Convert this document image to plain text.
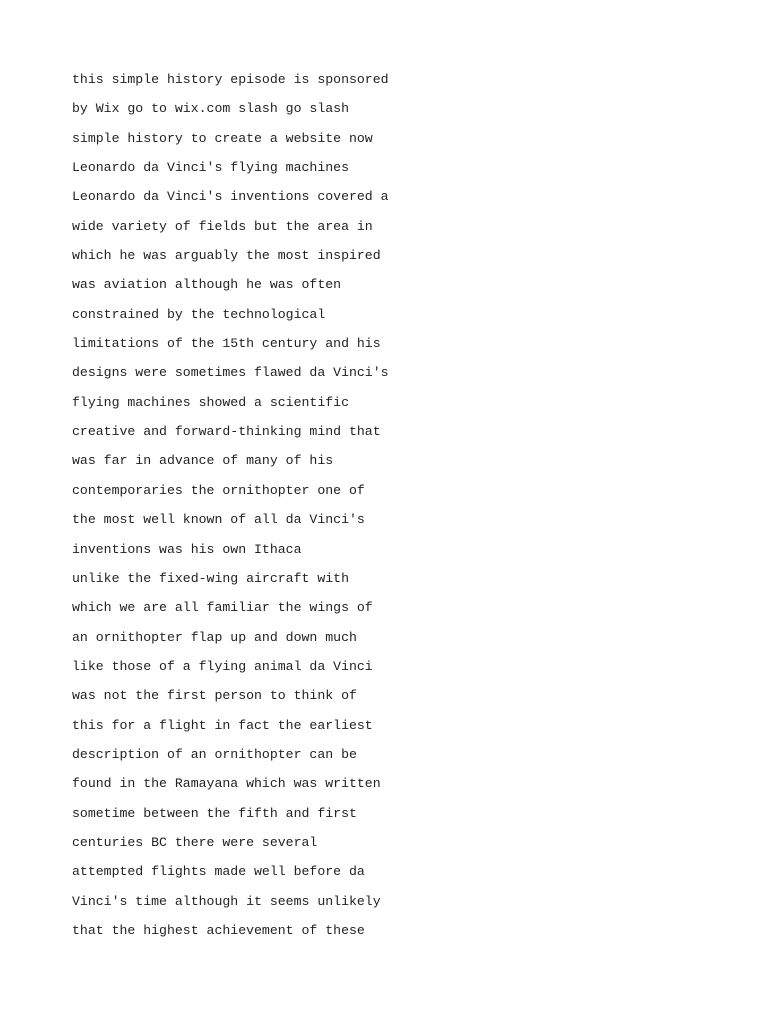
this simple history episode is sponsored
by Wix go to wix.com slash go slash
simple history to create a website now
Leonardo da Vinci's flying machines
Leonardo da Vinci's inventions covered a
wide variety of fields but the area in
which he was arguably the most inspired
was aviation although he was often
constrained by the technological
limitations of the 15th century and his
designs were sometimes flawed da Vinci's
flying machines showed a scientific
creative and forward-thinking mind that
was far in advance of many of his
contemporaries the ornithopter one of
the most well known of all da Vinci's
inventions was his own Ithaca
unlike the fixed-wing aircraft with
which we are all familiar the wings of
an ornithopter flap up and down much
like those of a flying animal da Vinci
was not the first person to think of
this for a flight in fact the earliest
description of an ornithopter can be
found in the Ramayana which was written
sometime between the fifth and first
centuries BC there were several
attempted flights made well before da
Vinci's time although it seems unlikely
that the highest achievement of these
